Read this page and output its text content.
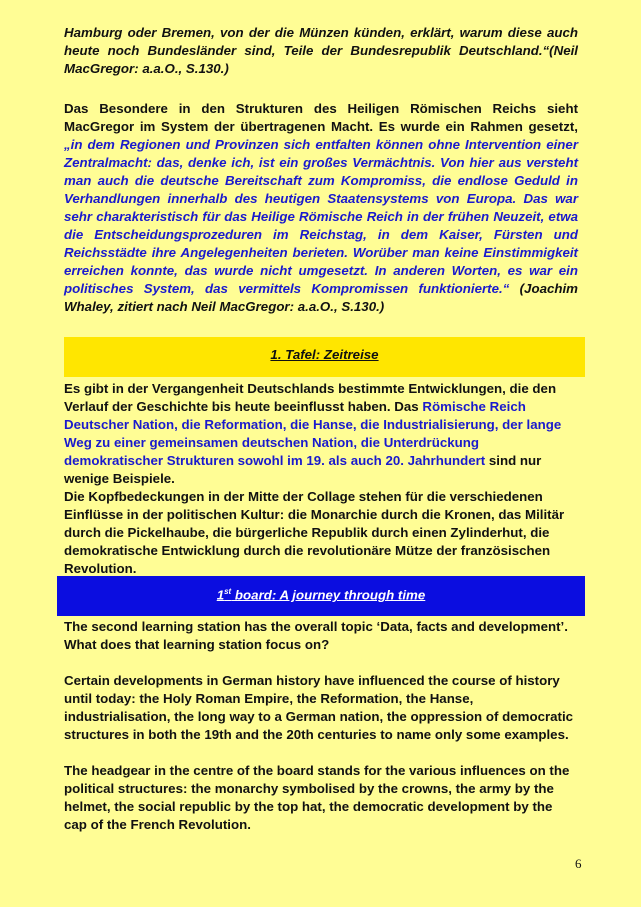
Hamburg oder Bremen, von der die Münzen künden, erklärt, warum diese auch heute noch Bundesländer sind, Teile der Bundesrepublik Deutschland.“(Neil MacGregor: a.a.O., S.130.)

Das Besondere in den Strukturen des Heiligen Römischen Reichs sieht MacGregor im System der übertragenen Macht. Es wurde ein Rahmen gesetzt, „in dem Regionen und Provinzen sich entfalten können ohne Intervention einer Zentralmacht: das, denke ich, ist ein großes Vermächtnis. Von hier aus versteht man auch die deutsche Bereitschaft zum Kompromiss, die endlose Geduld in Verhandlungen innerhalb des heutigen Staatensystems von Europa. Das war sehr charakteristisch für das Heilige Römische Reich in der frühen Neuzeit, etwa die Entscheidungsprozeduren im Reichstag, in dem Kaiser, Fürsten und Reichsstädte ihre Angelegenheiten berieten. Worüber man keine Einstimmigkeit erreichen konnte, das wurde nicht umgesetzt. In anderen Worten, es war ein politisches System, das vermittels Kompromissen funktionierte.“ (Joachim Whaley, zitiert nach Neil MacGregor: a.a.O., S.130.)

1. Tafel: Zeitreise

Es gibt in der Vergangenheit Deutschlands bestimmte Entwicklungen, die den Verlauf der Geschichte bis heute beeinflusst haben. Das Römische Reich Deutscher Nation, die Reformation, die Hanse, die Industrialisierung, der lange Weg zu einer gemeinsamen deutschen Nation, die Unterdrückung demokratischer Strukturen sowohl im 19. als auch 20. Jahrhundert sind nur wenige Beispiele.

Die Kopfbedeckungen in der Mitte der Collage stehen für die verschiedenen Einflüsse in der politischen Kultur: die Monarchie durch die Kronen, das Militär durch die Pickelhaube, die bürgerliche Republik durch einen Zylinderhut, die demokratische Entwicklung durch die revolutionäre Mütze der französischen Revolution.

1st board: A journey through time

The second learning station has the overall topic ‘Data, facts and development’. What does that learning station focus on?

Certain developments in German history have influenced the course of history until today: the Holy Roman Empire, the Reformation, the Hanse, industrialisation, the long way to a German nation, the oppression of democratic structures in both the 19th and the 20th centuries to name only some examples.

The headgear in the centre of the board stands for the various influences on the political structures: the monarchy symbolised by the crowns, the army by the helmet, the social republic by the top hat, the democratic development by the cap of the French Revolution.

6
